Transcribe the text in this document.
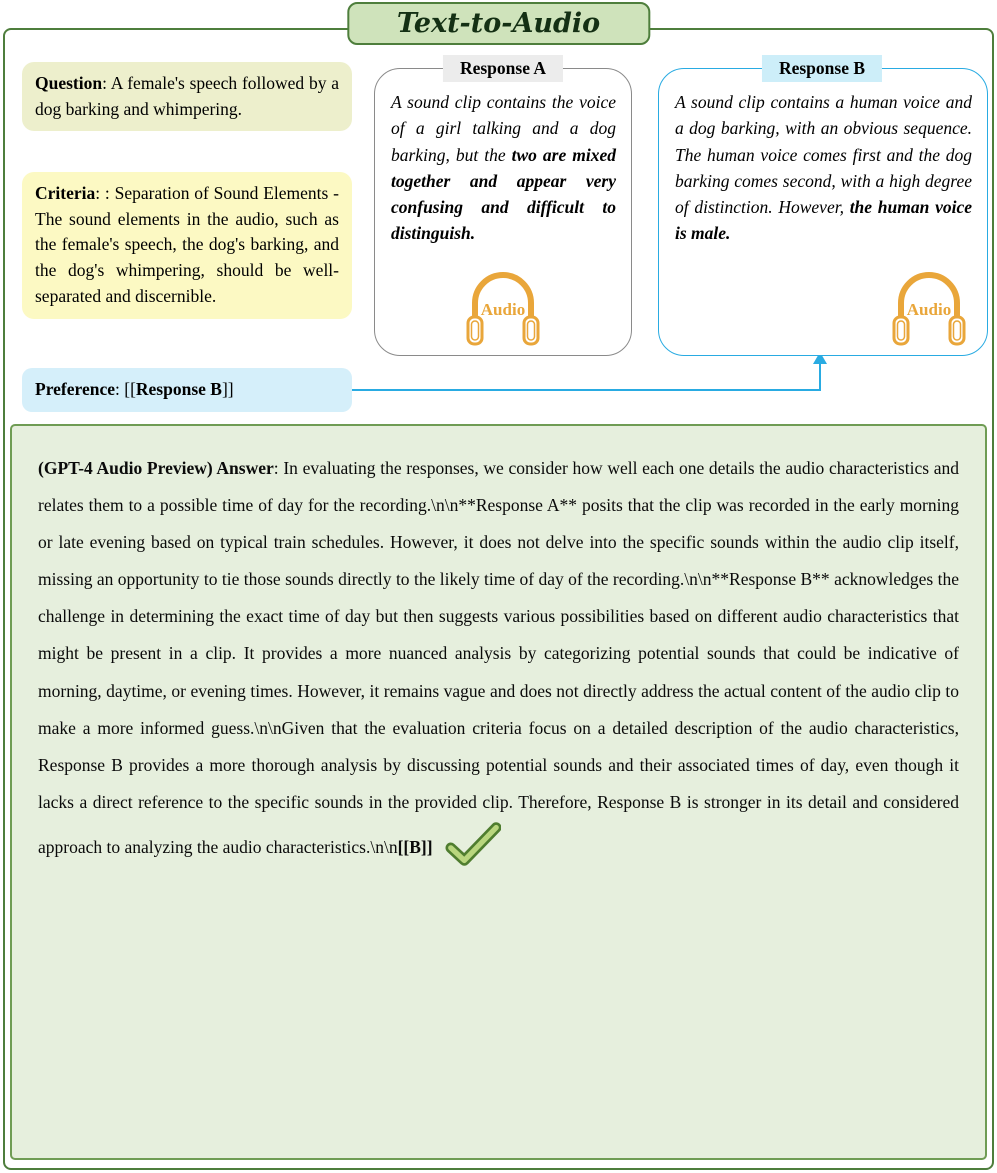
Text-to-Audio
Question: A female's speech followed by a dog barking and whimpering.
Criteria: : Separation of Sound Elements - The sound elements in the audio, such as the female's speech, the dog's barking, and the dog's whimpering, should be well-separated and discernible.
Preference: [[Response B]]
A sound clip contains the voice of a girl talking and a dog barking, but the two are mixed together and appear very confusing and difficult to distinguish.
Audio
Response A
A sound clip contains a human voice and a dog barking, with an obvious sequence. The human voice comes first and the dog barking comes second, with a high degree of distinction. However, the human voice is male.
Audio
Response B
(GPT-4 Audio Preview) Answer: In evaluating the responses, we consider how well each one details the audio characteristics and relates them to a possible time of day for the recording.\n\n**Response A** posits that the clip was recorded in the early morning or late evening based on typical train schedules. However, it does not delve into the specific sounds within the audio clip itself, missing an opportunity to tie those sounds directly to the likely time of day of the recording.\n\n**Response B** acknowledges the challenge in determining the exact time of day but then suggests various possibilities based on different audio characteristics that might be present in a clip. It provides a more nuanced analysis by categorizing potential sounds that could be indicative of morning, daytime, or evening times. However, it remains vague and does not directly address the actual content of the audio clip to make a more informed guess.\n\nGiven that the evaluation criteria focus on a detailed description of the audio characteristics, Response B provides a more thorough analysis by discussing potential sounds and their associated times of day, even though it lacks a direct reference to the specific sounds in the provided clip. Therefore, Response B is stronger in its detail and considered approach to analyzing the audio characteristics.\n\n[[B]]
